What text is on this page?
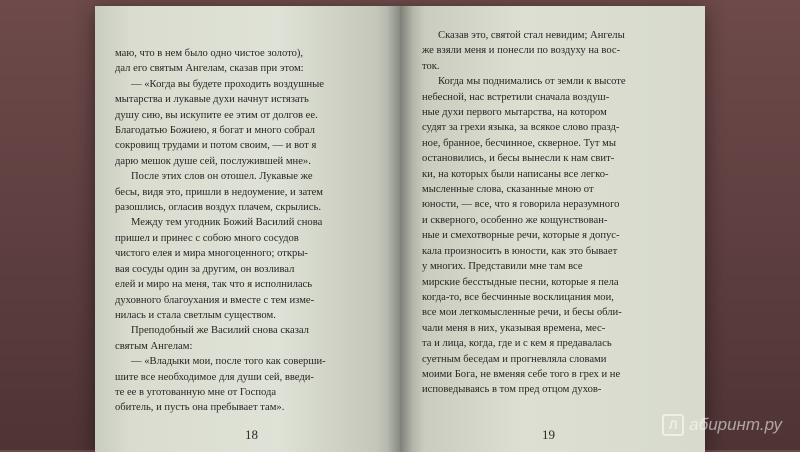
маю, что в нем было одно чистое золото),
дал его святым Ангелам, сказав при этом:
— «Когда вы будете проходить воздушные
мытарства и лукавые духи начнут истязать
душу сию, вы искупите ее этим от долгов ее.
Благодатью Божиею, я богат и много собрал
сокровищ трудами и потом своим, — и вот я
дарю мешок душе сей, послужившей мне».
После этих слов он отошел. Лукавые же
бесы, видя это, пришли в недоумение, и затем
разошлись, огласив воздух плачем, скрылись.
Между тем угодник Божий Василий снова
пришел и принес с собою много сосудов
чистого елея и мира многоценного; откры-
вая сосуды один за другим, он возливал
елей и миро на меня, так что я исполнилась
духовного благоухания и вместе с тем изме-
нилась и стала светлым существом.
Преподобный же Василий снова сказал
святым Ангелам:
— «Владыки мои, после того как соверши-
шите все необходимое для души сей, введи-
те ее в уготованную мне от Господа
обитель, и пусть она пребывает там».
18
Сказав это, святой стал невидим; Ангелы
же взяли меня и понесли по воздуху на вос-
ток.
Когда мы поднимались от земли к высоте
небесной, нас встретили сначала воздуш-
ные духи первого мытарства, на котором
судят за грехи языка, за всякое слово празд-
ное, бранное, бесчинное, скверное. Тут мы
остановились, и бесы вынесли к нам свит-
ки, на которых были написаны все легко-
мысленные слова, сказанные мною от
юности, — все, что я говорила неразумного
и скверного, особенно же кощунствован-
ные и смехотворные речи, которые я допус-
кала произносить в юности, как это бывает
у многих. Представили мне там все
мирские бесстыдные песни, которые я пела
когда-то, все бесчинные восклицания мои,
все мои легкомысленные речи, и бесы обли-
чали меня в них, указывая времена, мес-
та и лица, когда, где и с кем я предавалась
суетным беседам и прогневляла словами
моими Бога, не вменяя себе того в грех и не
исповедываясь в том пред отцом духов-
19
Л абиринт.ру
